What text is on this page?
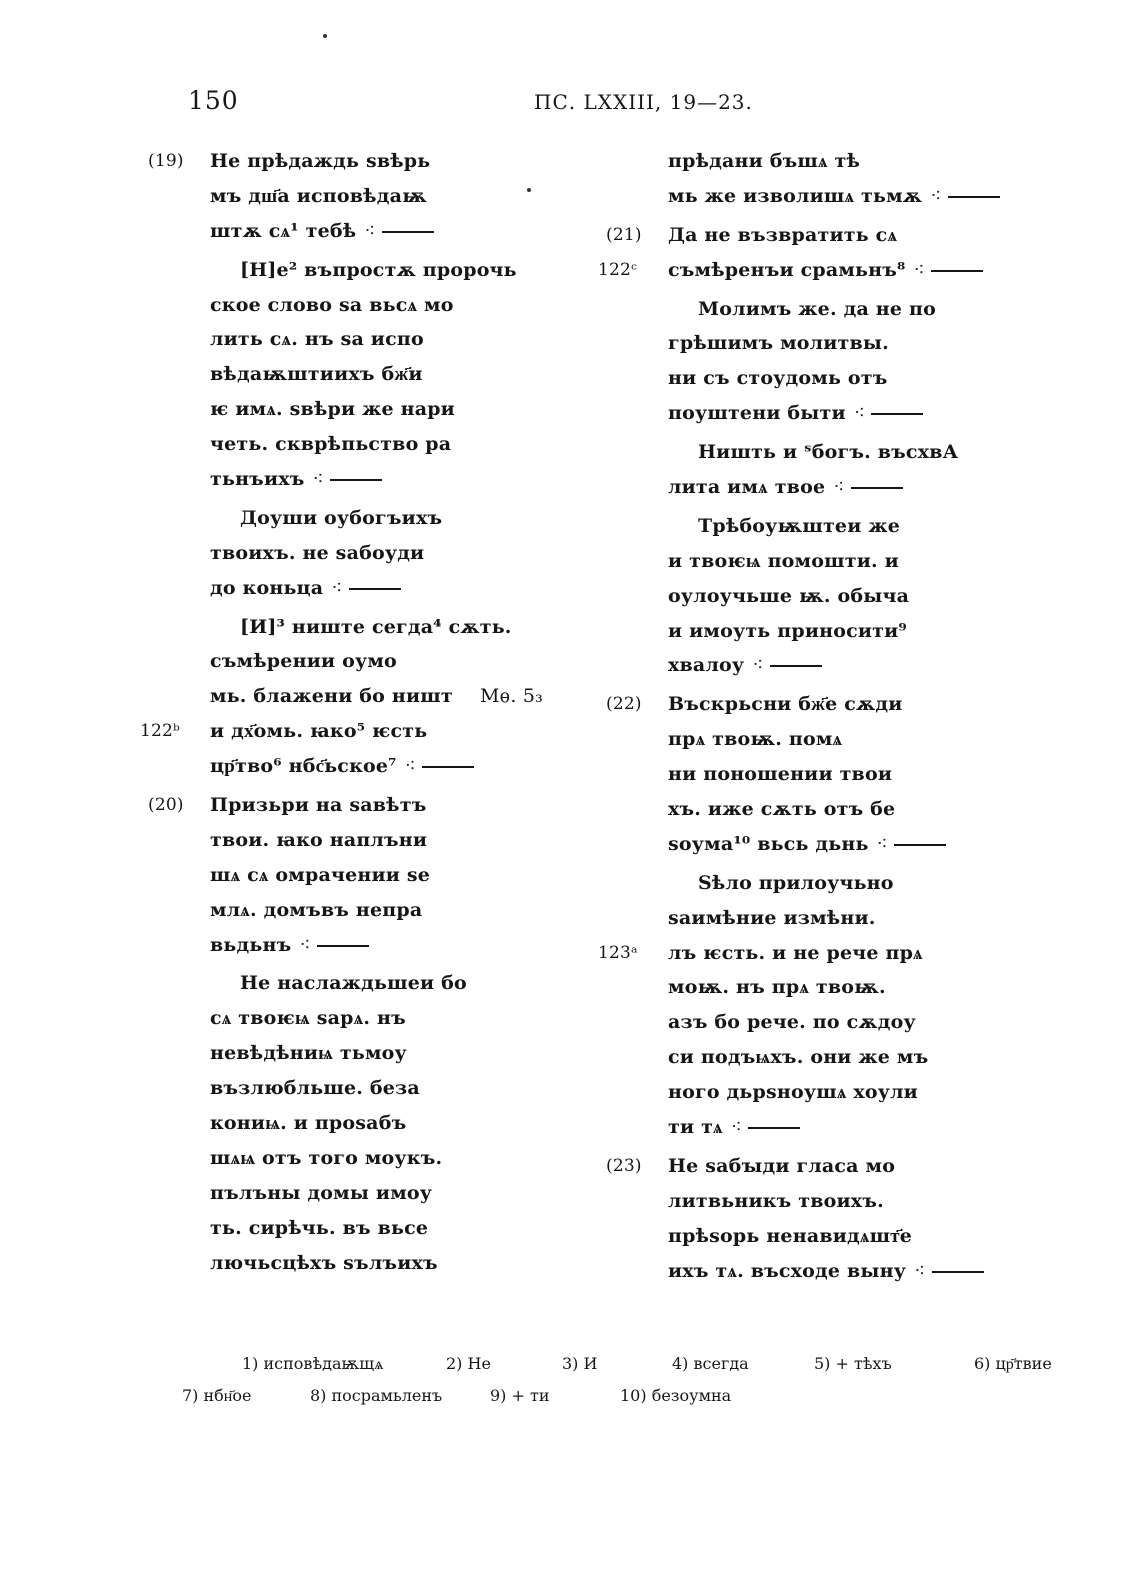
150	ПС. LXXIII, 19—23.
(19) Не прѣдаждь ѕвѣрь
мъ дш҃а исповѣдаѭ
штѫ сѧ¹ тебѣ ⁖
[Н]е² въпростѫ пророчь
ское слово ѕа вьсѧ мо
лить сѧ. нъ ѕа испо
вѣдаѭштиихъ бж҃и
ѥ имѧ. ѕвѣри же нари
четь. скврѣпьство ра
тьнъихъ ⁖
Доуши оубогъихъ
твоихъ. не ѕабоуди
до коньца ⁖
[И]³ ниште сегда⁴ сѫть.
съмѣрении оумо
мь. блажени бо ништ Мѳ. 5₃
122ᵇ и дх҃омь. ꙗко⁵ ѥсть
цр҃тво⁶ нбс҃ьское⁷ ⁖
(20) Призьри на ѕавѣтъ
твои. ꙗко наплъни
шѧ сѧ омрачении ѕе
млѧ. домъвъ непра
вьдьнъ ⁖
Не наслаждьшеи бо
сѧ твоѥѩ ѕарѧ. нъ
невѣдѣниѩ тьмоу
възлюбльше. беза
кониѩ. и проѕабъ
шѧѩ отъ того моукъ.
пълъны домы имоу
ть. сирѣчь. въ вьсе
лючьсцѣхъ ѕълъихъ
прѣдани бъшѧ тѣ
мь же изволишѧ тьмѫ ⁖
(21) Да не възвратить сѧ
122ᶜ съмѣренъи срамьнъ⁸ ⁖
Молимъ же. да не по
грѣшимъ молитвы.
ни съ стоудомь отъ
поуштени быти ⁖
Ништь и ˢбогъ. въсхвА
лита имѧ твое ⁖
Трѣбоуѭштеи же
и твоѥѩ помошти. и
оулоучьше ѭ. обыча
и имоуть приносити⁹
хвалоу ⁖
(22) Въскрьсни бж҃е сѫди
прѧ твоѭ. помѧ
ни поношении твои
хъ. иже сѫть отъ бе
ѕоума¹⁰ вьсь дьнь ⁖
Ѕѣло прилоучьно
ѕаимѣние измѣни.
123ᵃ лъ ѥсть. и не рече прѧ
моѭ. нъ прѧ твоѭ.
азъ бо рече. по сѫдоу
си подъѩхъ. они же мъ
ного дьрѕноушѧ хоули
ти тѧ ⁖
(23) Не ѕабꙑди гласа мо
литвьникъ твоихъ.
прѣѕорь ненавидѧшт҃е
ихъ тѧ. въсходе выну ⁖
1) исповѣдаѭщѧ	2) Не	3) И	4) всегда	5) + тѣхъ	6) цр҃твие
7) нбн҃ое	8) посрамьленъ	9) + ти	10) безоумна
